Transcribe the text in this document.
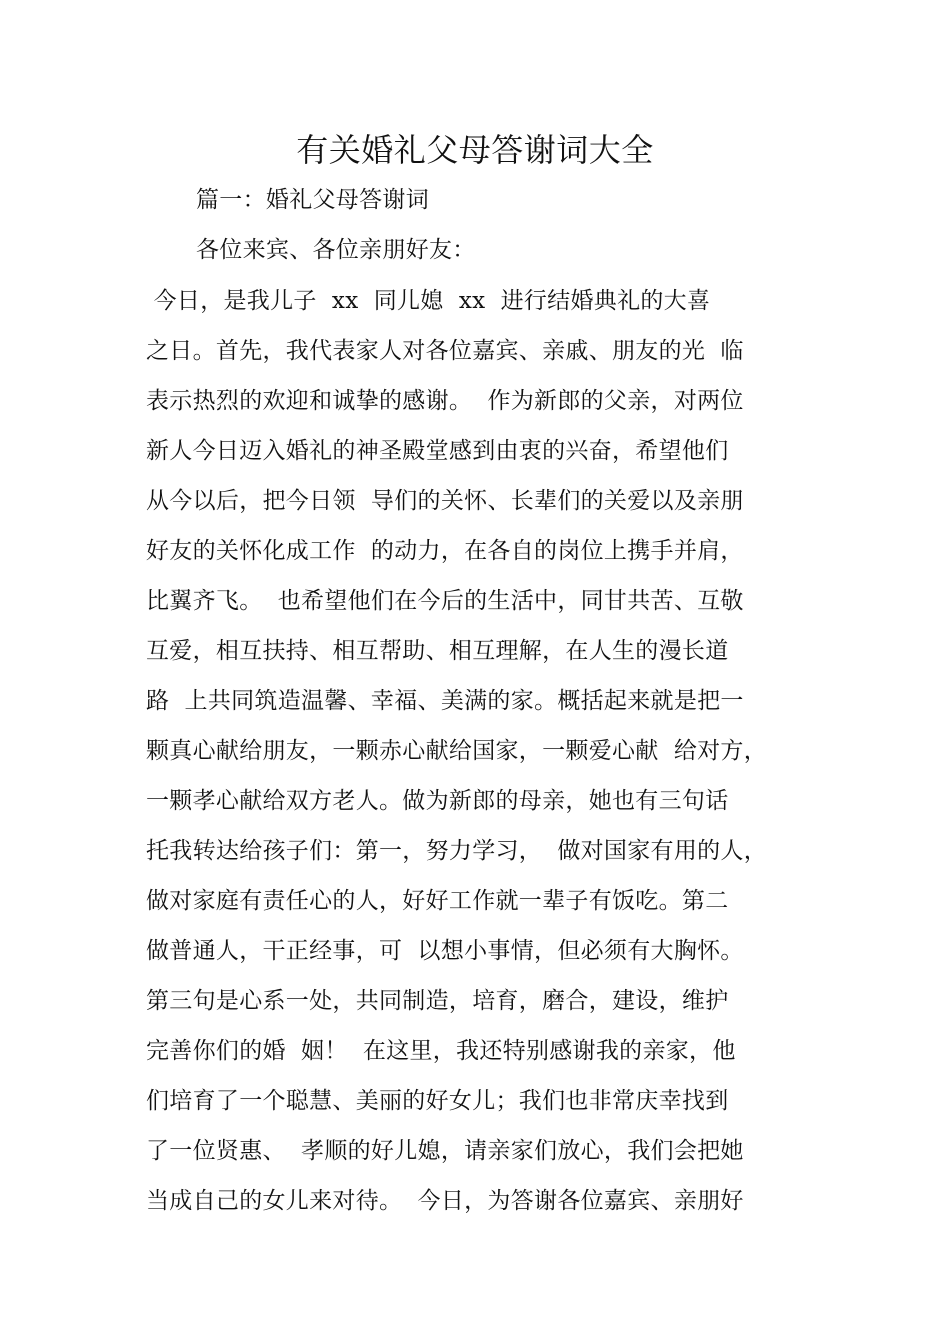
有关婚礼父母答谢词大全
篇一：婚礼父母答谢词
各位来宾、各位亲朋好友：
今日，是我儿子  xx  同儿媳  xx  进行结婚典礼的大喜
之日。首先，我代表家人对各位嘉宾、亲戚、朋友的光  临
表示热烈的欢迎和诚挚的感谢。  作为新郎的父亲，对两位
新人今日迈入婚礼的神圣殿堂感到由衷的兴奋，希望他们
从今以后，把今日领  导们的关怀、长辈们的关爱以及亲朋
好友的关怀化成工作  的动力，在各自的岗位上携手并肩，
比翼齐飞。  也希望他们在今后的生活中，同甘共苦、互敬
互爱，相互扶持、相互帮助、相互理解，在人生的漫长道
路  上共同筑造温馨、幸福、美满的家。概括起来就是把一
颗真心献给朋友，一颗赤心献给国家，一颗爱心献  给对方，
一颗孝心献给双方老人。做为新郎的母亲，她也有三句话
托我转达给孩子们：第一，努力学习，  做对国家有用的人，
做对家庭有责任心的人，好好工作就一辈子有饭吃。第二
做普通人，干正经事，可  以想小事情，但必须有大胸怀。
第三句是心系一处，共同制造，培育，磨合，建设，维护
完善你们的婚  姻！  在这里，我还特别感谢我的亲家，他
们培育了一个聪慧、美丽的好女儿；我们也非常庆幸找到
了一位贤惠、  孝顺的好儿媳，请亲家们放心，我们会把她
当成自己的女儿来对待。  今日，为答谢各位嘉宾、亲朋好
